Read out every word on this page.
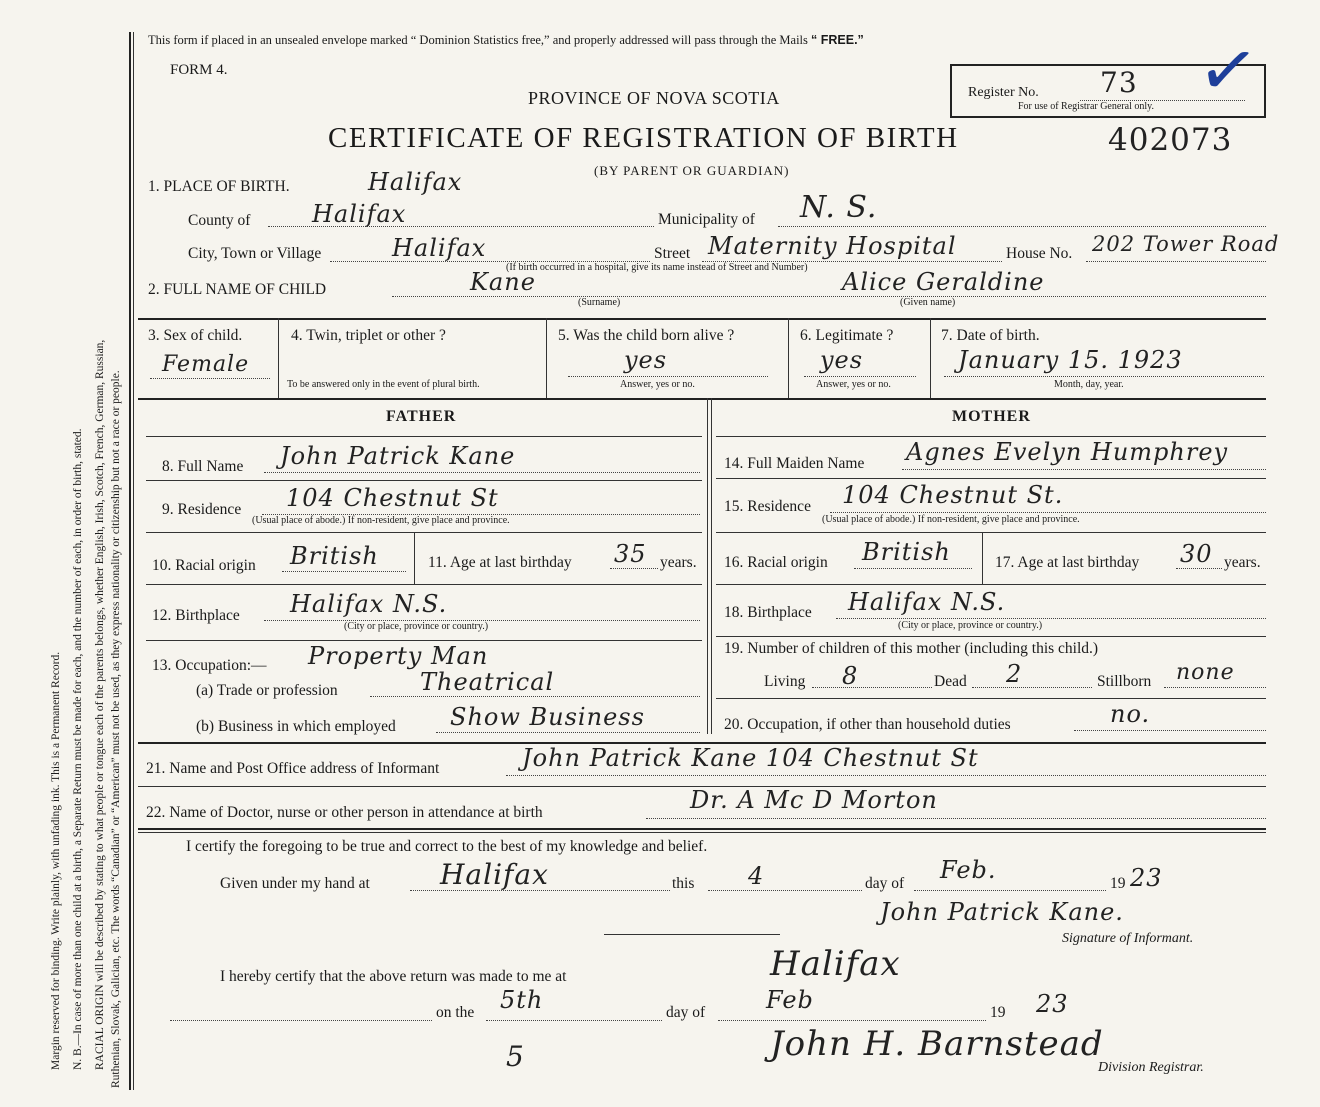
Margin reserved for binding. Write plainly, with unfading ink. This is a Permanent Record. N. B.—In case of more than one child at a birth, a Separate Return must be made for each, and the number of each, in order of birth, stated. RACIAL ORIGIN will be described by stating to what people or tongue each of the parents belongs, whether English, Irish, Scotch, French, German, Russian, Ruthenian, Slovak, Galician, etc. The words “Canadian” or “American” must not be used, as they express nationality or citizenship but not a race or people.
This form if placed in an unsealed envelope marked “ Dominion Statistics free,” and properly addressed will pass through the Mails “ FREE.”
FORM 4.
PROVINCE OF NOVA SCOTIA
CERTIFICATE OF REGISTRATION OF BIRTH	402073
(BY PARENT OR GUARDIAN)
Register No. 73
For use of Registrar General only. ✓
1. PLACE OF BIRTH.	Halifax
County of	Halifax	Municipality of N. S.
City, Town or Village	Halifax	Street Maternity Hospital	House No. 202 Tower Road
(If birth occurred in a hospital, give its name instead of Street and Number)
2. FULL NAME OF CHILD	Kane
(Surname)
Alice Geraldine
(Given name)
3. Sex of child.
Female
4. Twin, triplet or other ?
To be answered only in the event of plural birth.
5. Was the child born alive ?
yes
Answer, yes or no.
6. Legitimate ?
yes
Answer, yes or no.
7. Date of birth.
January 15. 1923
Month, day, year.
FATHER	MOTHER
8. Full Name John Patrick Kane
9. Residence 104 Chestnut St
(Usual place of abode.) If non-resident, give place and province.
10. Racial origin British	11. Age at last birthday 35 years.
12. Birthplace Halifax N.S.
(City or place, province or country.)
13. Occupation:— Property Man
(a) Trade or profession	Theatrical
(b) Business in which employed Show Business
14. Full Maiden Name Agnes Evelyn Humphrey
15. Residence 104 Chestnut St.
(Usual place of abode.) If non-resident, give place and province.
16. Racial origin British	17. Age at last birthday 30 years.
18. Birthplace Halifax N.S.
(City or place, province or country.)
19. Number of children of this mother (including this child.)
Living 8	Dead 2	Stillborn none
20. Occupation, if other than household duties	no.
21. Name and Post Office address of Informant	John Patrick Kane 104 Chestnut St
22. Name of Doctor, nurse or other person in attendance at birth	Dr. A Mc D Morton
I certify the foregoing to be true and correct to the best of my knowledge and belief.
Given under my hand at	Halifax	this 4	day of Feb.	19 23
John Patrick Kane.
Signature of Informant.
I hereby certify that the above return was made to me at	Halifax
on the 5th	day of	Feb	19 23
5	John H. Barnstead
Division Registrar.
